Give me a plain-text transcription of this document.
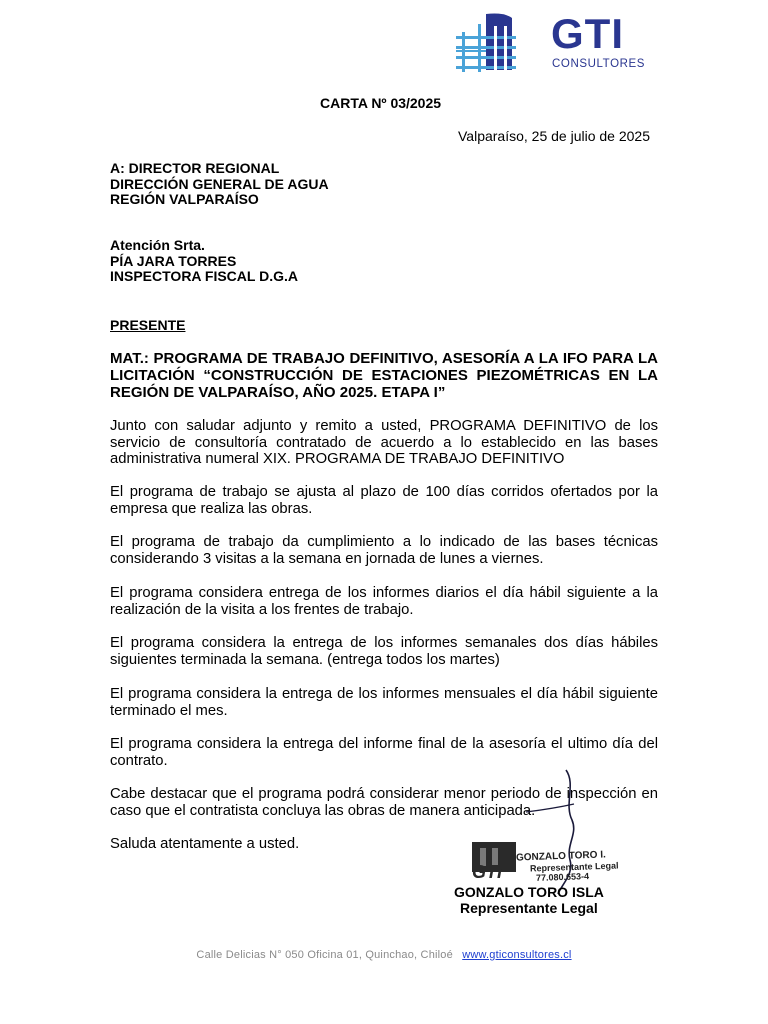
GTI
CONSULTORES
CARTA Nº 03/2025
Valparaíso, 25 de julio de 2025
A: DIRECTOR REGIONAL
DIRECCIÓN GENERAL DE AGUA
REGIÓN VALPARAÍSO
Atención Srta.
PÍA JARA TORRES
INSPECTORA FISCAL D.G.A
PRESENTE
MAT.: PROGRAMA DE TRABAJO DEFINITIVO, ASESORÍA A LA IFO PARA LA LICITACIÓN “CONSTRUCCIÓN DE ESTACIONES PIEZOMÉTRICAS EN LA REGIÓN DE VALPARAÍSO, AÑO 2025. ETAPA I”
Junto con saludar adjunto y remito a usted, PROGRAMA DEFINITIVO de los servicio de consultoría contratado de acuerdo a lo establecido en las bases administrativa numeral XIX. PROGRAMA DE TRABAJO DEFINITIVO
El programa de trabajo se ajusta al plazo de 100 días corridos ofertados por la empresa que realiza las obras.
El programa de trabajo da cumplimiento a lo indicado de las bases técnicas considerando 3 visitas a la semana en jornada de lunes a viernes.
El programa considera entrega de los informes diarios el día hábil siguiente a la realización de la visita a los frentes de trabajo.
El programa considera la entrega de los informes semanales dos días hábiles siguientes terminada la semana. (entrega todos los martes)
El programa considera la entrega de los informes mensuales el día hábil siguiente terminado el mes.
El programa considera la entrega del informe final de la asesoría el ultimo día del contrato.
Cabe destacar que el programa podrá considerar menor periodo de inspección en caso que el contratista concluya las obras de manera anticipada.
Saluda atentamente a usted.
GTI
GONZALO TORO I.
Representante Legal
77.080.653-4
GONZALO TORO ISLA
Representante Legal
Calle Delicias N° 050 Oficina 01, Quinchao, Chiloé www.gticonsultores.cl
